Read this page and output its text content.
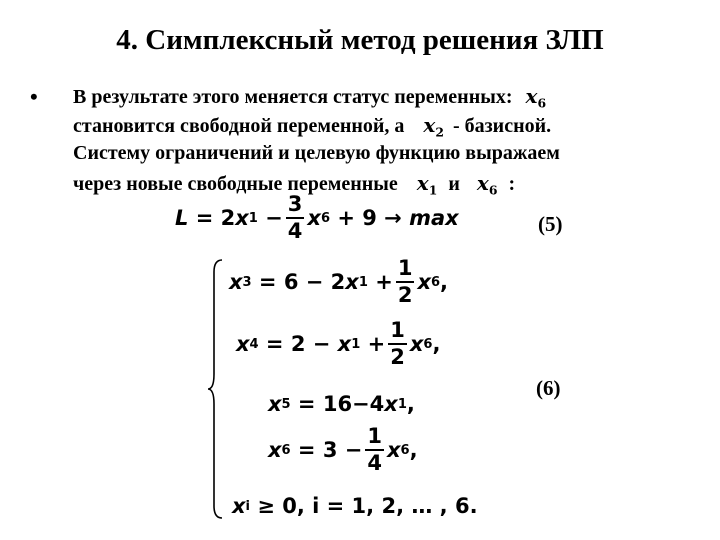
4. Симплексный метод решения ЗЛП
• В результате этого меняется статус переменных: $x_6$
становится свободной переменной, а $x_2$ - базисной.
Систему ограничений и целевую функцию выражаем
через новые свободные переменные $x_1$ и $x_6$ :
L
=
2 x 1
− $\frac{3}{4}$ x 6
+ 9 →
max	(5)
x 3
= 6 − 2 x 1
+ $\frac{1}{2}$ x 6 ,
x 4
= 2 −
x 1
+ $\frac{1}{2}$ x 6 ,
x 5
= 16−4 x 1 ,
x 6
= $3 - \frac{1}{4}$ x 6 ,
x i
≥ 0, i = 1, 2, … , 6.
(6)
